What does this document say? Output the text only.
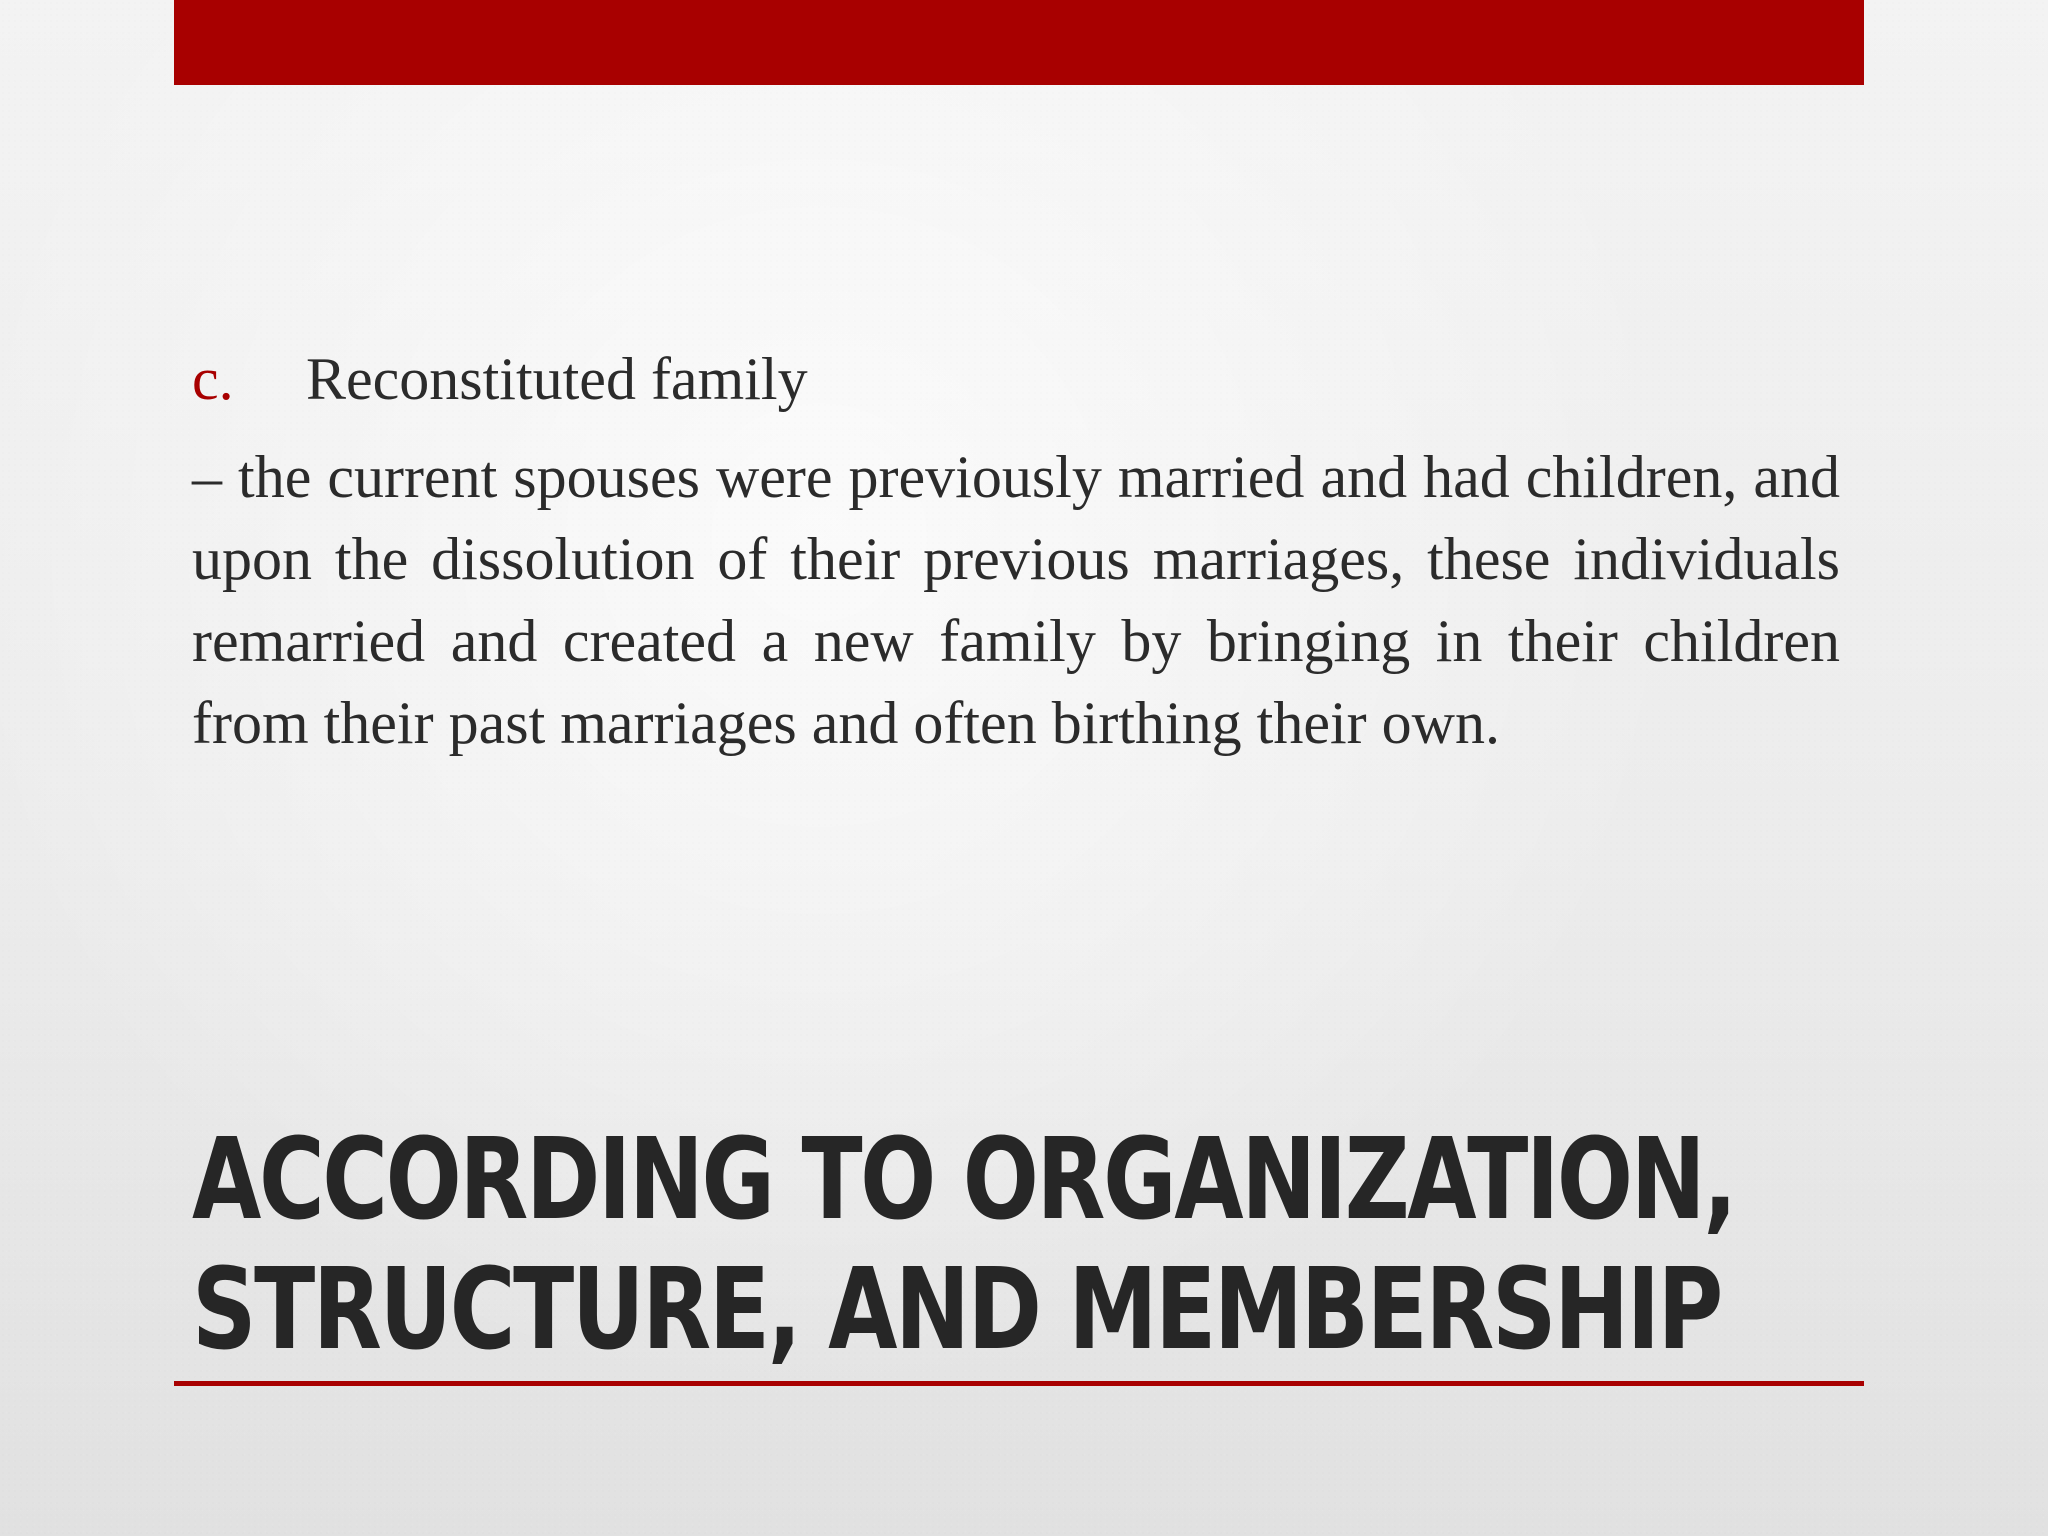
c.	Reconstituted family

– the current spouses were previously married and had children, and upon the dissolution of their previous marriages, these individuals remarried and created a new family by bringing in their children from their past marriages and often birthing their own.

ACCORDING TO ORGANIZATION,
STRUCTURE, AND MEMBERSHIP
